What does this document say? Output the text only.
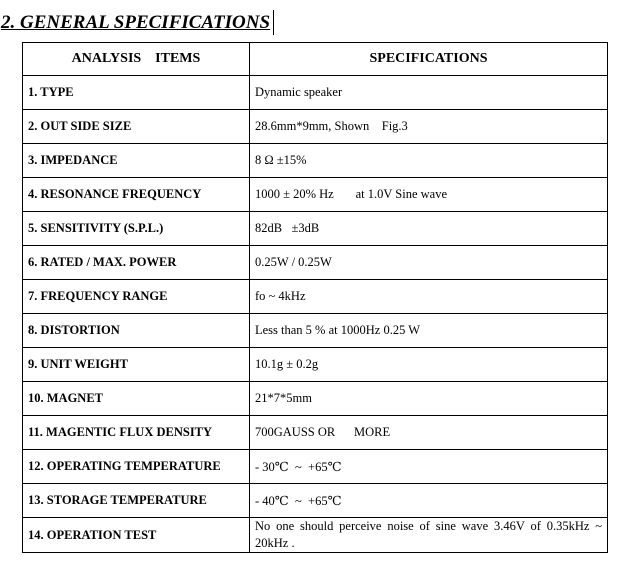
2. GENERAL SPECIFICATIONS
ANALYSIS    ITEMS	SPECIFICATIONS
1. TYPE	Dynamic speaker
2. OUT SIDE SIZE	28.6mm*9mm, Shown    Fig.3
3. IMPEDANCE	8 Ω ±15%
4. RESONANCE FREQUENCY	1000 ± 20% Hz       at 1.0V Sine wave
5. SENSITIVITY (S.P.L.)	82dB   ±3dB
6. RATED / MAX. POWER	0.25W / 0.25W
7. FREQUENCY RANGE	fo ~ 4kHz
8. DISTORTION	Less than 5 % at 1000Hz 0.25 W
9. UNIT WEIGHT	10.1g ± 0.2g
10. MAGNET	21*7*5mm
11. MAGENTIC FLUX DENSITY	700GAUSS OR      MORE
12. OPERATING TEMPERATURE	- 30℃  ~  +65℃
13. STORAGE TEMPERATURE	- 40℃  ~  +65℃
14. OPERATION TEST	No one should perceive noise of sine wave 3.46V of 0.35kHz ~ 20kHz .
